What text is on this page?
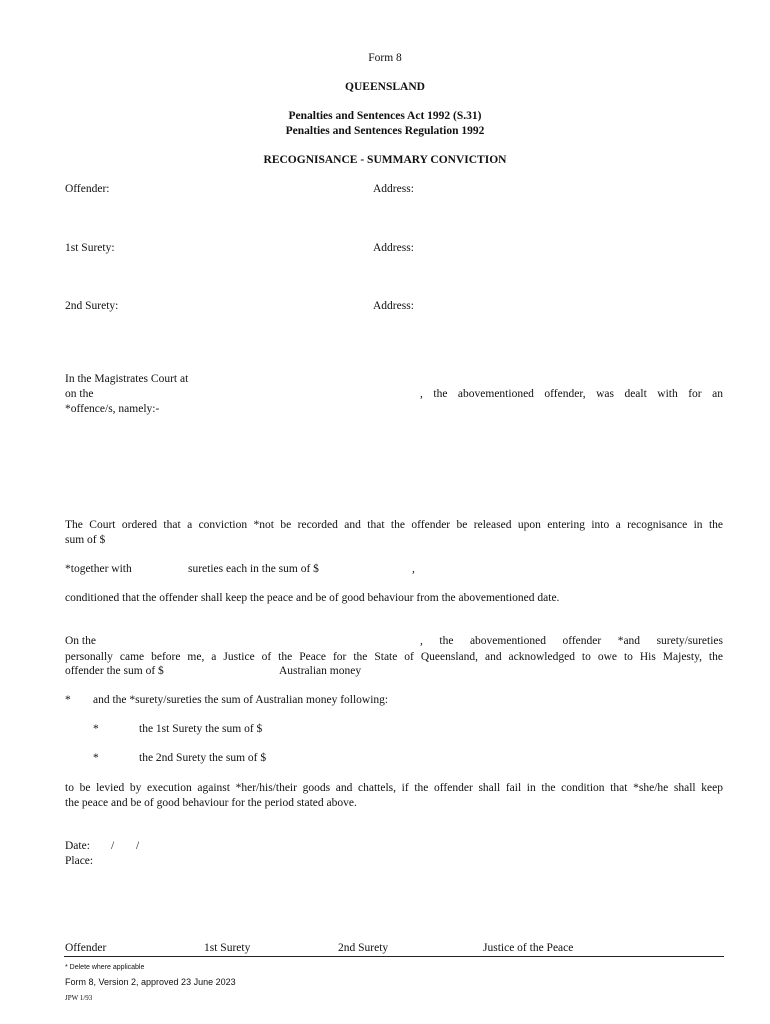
Form 8
QUEENSLAND
Penalties and Sentences Act 1992 (S.31)
Penalties and Sentences Regulation 1992
RECOGNISANCE - SUMMARY CONVICTION
Offender:	Address:
1st Surety:	Address:
2nd Surety:	Address:
In the Magistrates Court at
on the	, the abovementioned offender, was dealt with for an
*offence/s, namely:-
The Court ordered that a conviction *not be recorded and that the offender be released upon entering into a recognisance in the
sum of $
*together with	sureties each in the sum of $	,
conditioned that the offender shall keep the peace and be of good behaviour from the abovementioned date.
On the	, the abovementioned offender *and surety/sureties
personally came before me, a Justice of the Peace for the State of Queensland, and acknowledged to owe to His Majesty, the
offender the sum of $	Australian money
* and the *surety/sureties the sum of Australian money following:
*	the 1st Surety the sum of $
*	the 2nd Surety the sum of $
to be levied by execution against *her/his/their goods and chattels, if the offender shall fail in the condition that *she/he shall keep
the peace and be of good behaviour for the period stated above.
Date: / /
Place:
Offender	1st Surety	2nd Surety	Justice of the Peace
* Delete where applicable
Form 8, Version 2, approved 23 June 2023
JPW 1/93
